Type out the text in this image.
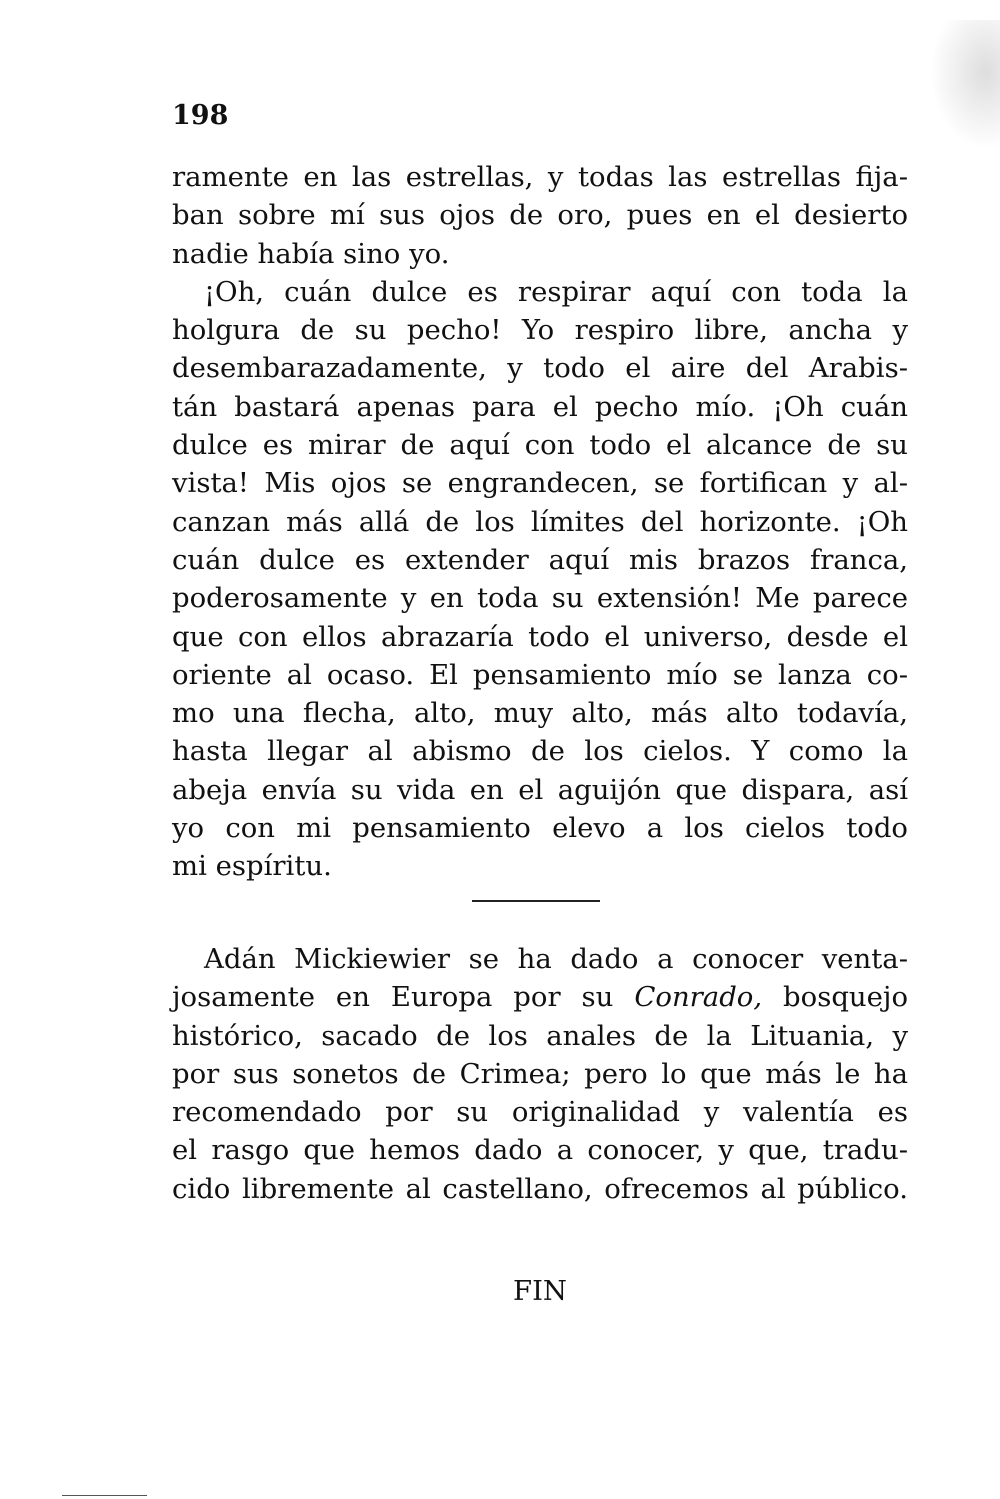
198
ramente en las estrellas, y todas las estrellas fija-
ban sobre mí sus ojos de oro, pues en el desierto
nadie había sino yo.
¡Oh, cuán dulce es respirar aquí con toda la
holgura de su pecho! Yo respiro libre, ancha y
desembarazadamente, y todo el aire del Arabis-
tán bastará apenas para el pecho mío. ¡Oh cuán
dulce es mirar de aquí con todo el alcance de su
vista! Mis ojos se engrandecen, se fortifican y al-
canzan más allá de los límites del horizonte. ¡Oh
cuán dulce es extender aquí mis brazos franca,
poderosamente y en toda su extensión! Me parece
que con ellos abrazaría todo el universo, desde el
oriente al ocaso. El pensamiento mío se lanza co-
mo una flecha, alto, muy alto, más alto todavía,
hasta llegar al abismo de los cielos. Y como la
abeja envía su vida en el aguijón que dispara, así
yo con mi pensamiento elevo a los cielos todo
mi espíritu.
Adán Mickiewier se ha dado a conocer venta-
josamente en Europa por su Conrado, bosquejo
histórico, sacado de los anales de la Lituania, y
por sus sonetos de Crimea; pero lo que más le ha
recomendado por su originalidad y valentía es
el rasgo que hemos dado a conocer, y que, tradu-
cido libremente al castellano, ofrecemos al público.
FIN
